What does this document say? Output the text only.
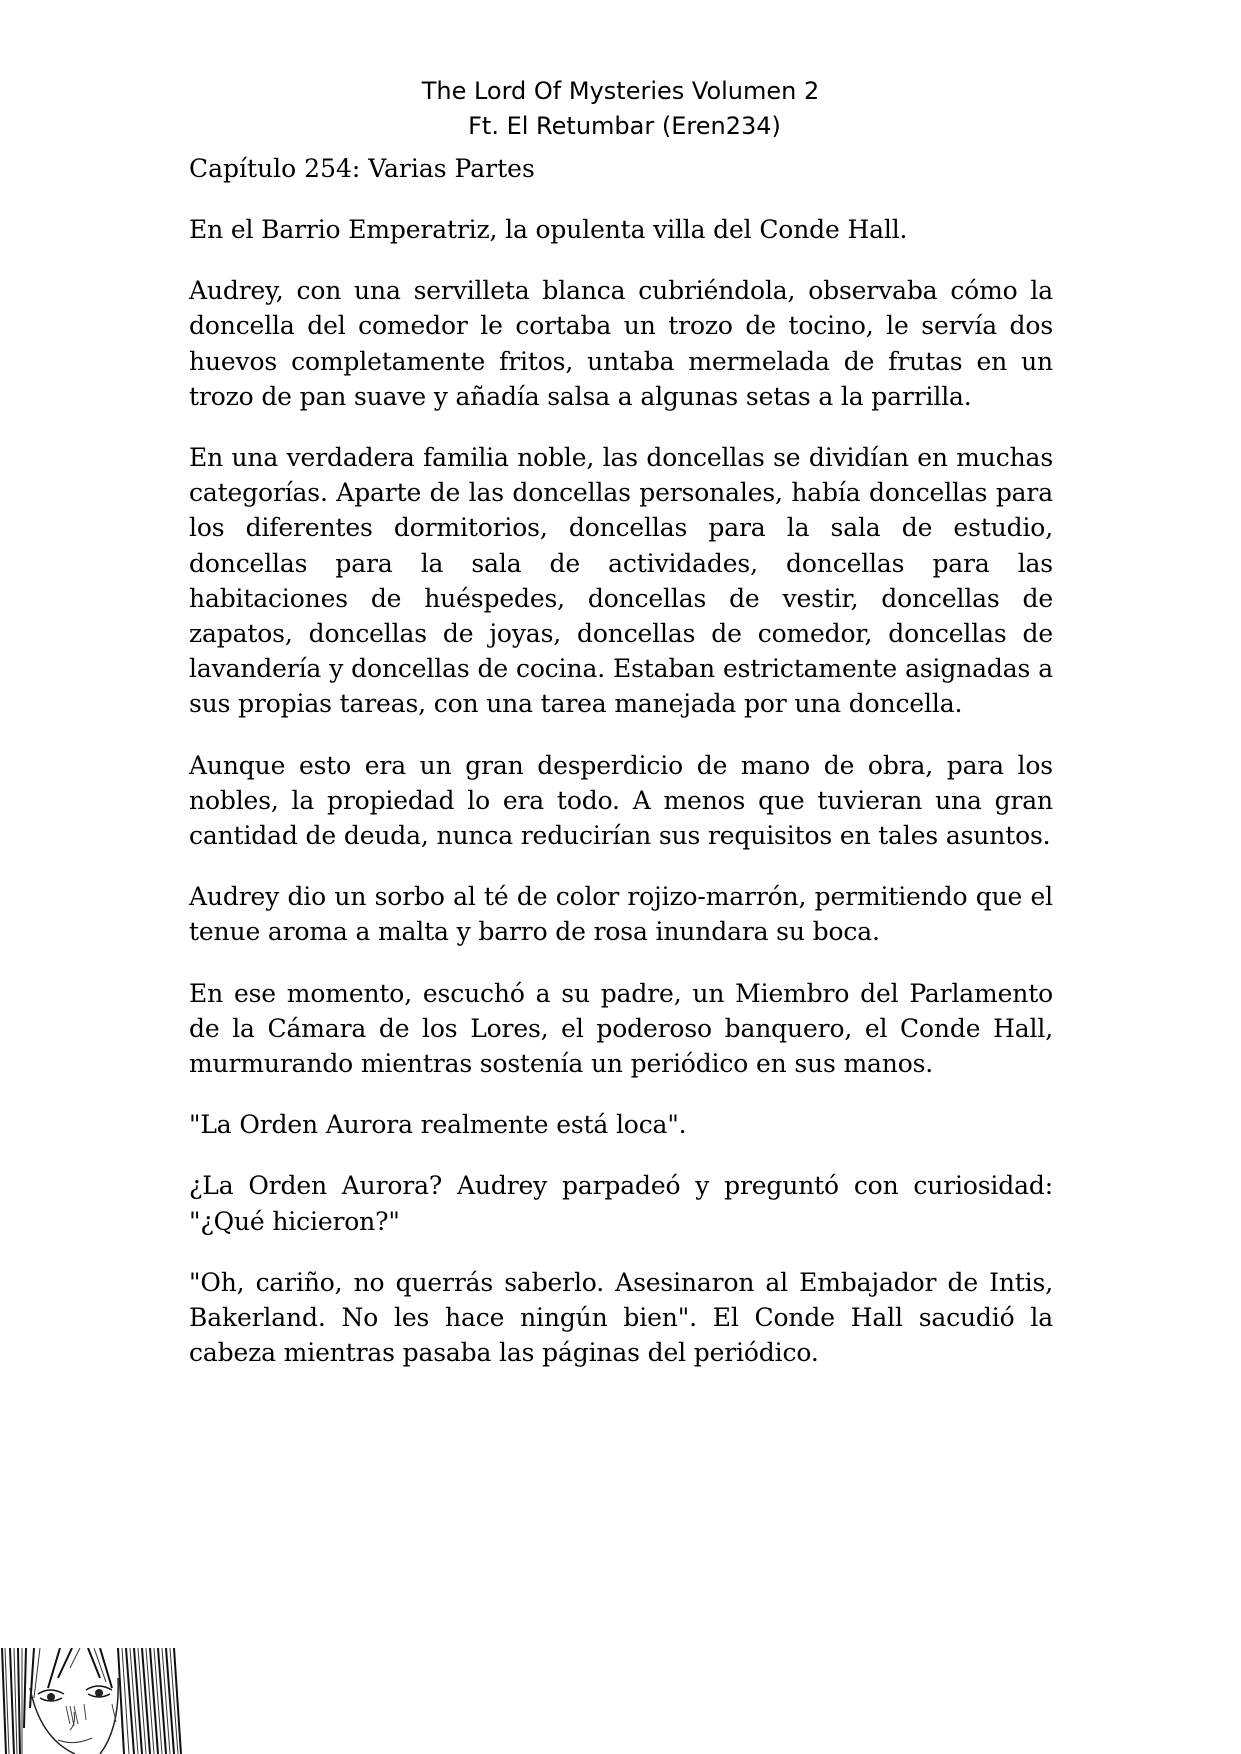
The Lord Of Mysteries Volumen 2
Ft. El Retumbar (Eren234)
Capítulo 254: Varias Partes

En el Barrio Emperatriz, la opulenta villa del Conde Hall.

Audrey, con una servilleta blanca cubriéndola, observaba cómo la doncella del comedor le cortaba un trozo de tocino, le servía dos huevos completamente fritos, untaba mermelada de frutas en un trozo de pan suave y añadía salsa a algunas setas a la parrilla.

En una verdadera familia noble, las doncellas se dividían en muchas categorías. Aparte de las doncellas personales, había doncellas para los diferentes dormitorios, doncellas para la sala de estudio, doncellas para la sala de actividades, doncellas para las habitaciones de huéspedes, doncellas de vestir, doncellas de zapatos, doncellas de joyas, doncellas de comedor, doncellas de lavandería y doncellas de cocina. Estaban estrictamente asignadas a sus propias tareas, con una tarea manejada por una doncella.

Aunque esto era un gran desperdicio de mano de obra, para los nobles, la propiedad lo era todo. A menos que tuvieran una gran cantidad de deuda, nunca reducirían sus requisitos en tales asuntos.

Audrey dio un sorbo al té de color rojizo-marrón, permitiendo que el tenue aroma a malta y barro de rosa inundara su boca.

En ese momento, escuchó a su padre, un Miembro del Parlamento de la Cámara de los Lores, el poderoso banquero, el Conde Hall, murmurando mientras sostenía un periódico en sus manos.

"La Orden Aurora realmente está loca".

¿La Orden Aurora? Audrey parpadeó y preguntó con curiosidad: "¿Qué hicieron?"

"Oh, cariño, no querrás saberlo. Asesinaron al Embajador de Intis, Bakerland. No les hace ningún bien". El Conde Hall sacudió la cabeza mientras pasaba las páginas del periódico.
